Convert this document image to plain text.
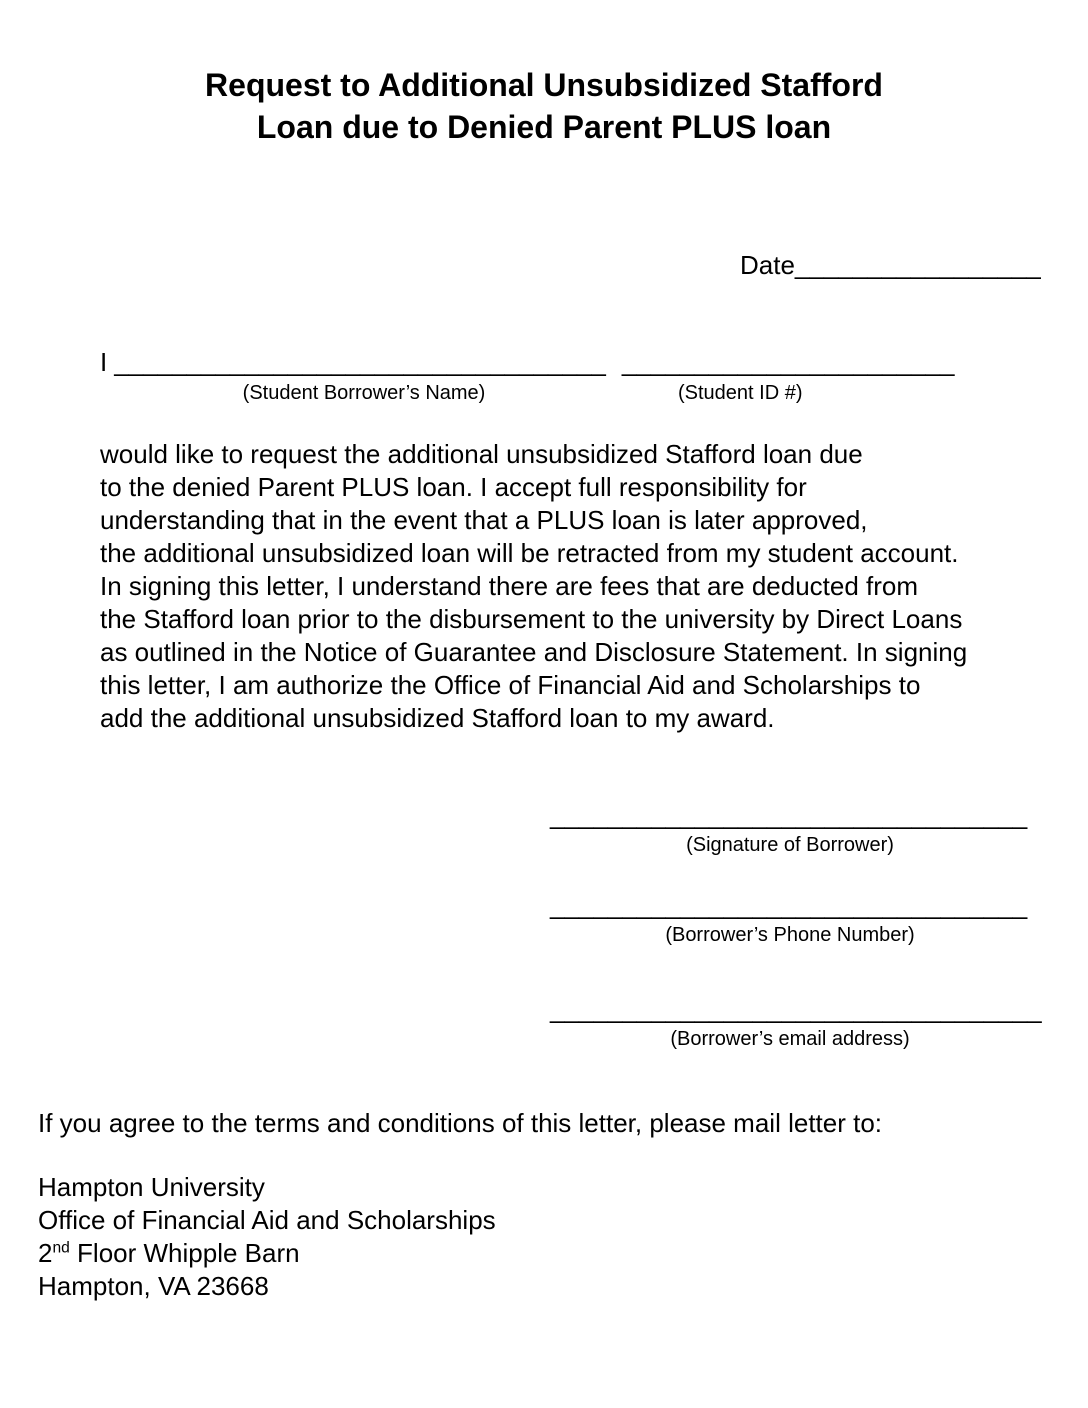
Request to Additional Unsubsidized Stafford
Loan due to Denied Parent PLUS loan
Date_________________
I __________________________________ _______________________
(Student Borrower’s Name)	(Student ID #)
would like to request the additional unsubsidized Stafford loan due
to the denied Parent PLUS loan. I accept full responsibility for
understanding that in the event that a PLUS loan is later approved,
the additional unsubsidized loan will be retracted from my student account.
In signing this letter, I understand there are fees that are deducted from
the Stafford loan prior to the disbursement to the university by Direct Loans
as outlined in the Notice of Guarantee and Disclosure Statement. In signing
this letter, I am authorize the Office of Financial Aid and Scholarships to
add the additional unsubsidized Stafford loan to my award.
_________________________________
(Signature of Borrower)
_________________________________
(Borrower’s Phone Number)
__________________________________
(Borrower’s email address)
If you agree to the terms and conditions of this letter, please mail letter to:
Hampton University
Office of Financial Aid and Scholarships
2nd Floor Whipple Barn
Hampton, VA 23668
